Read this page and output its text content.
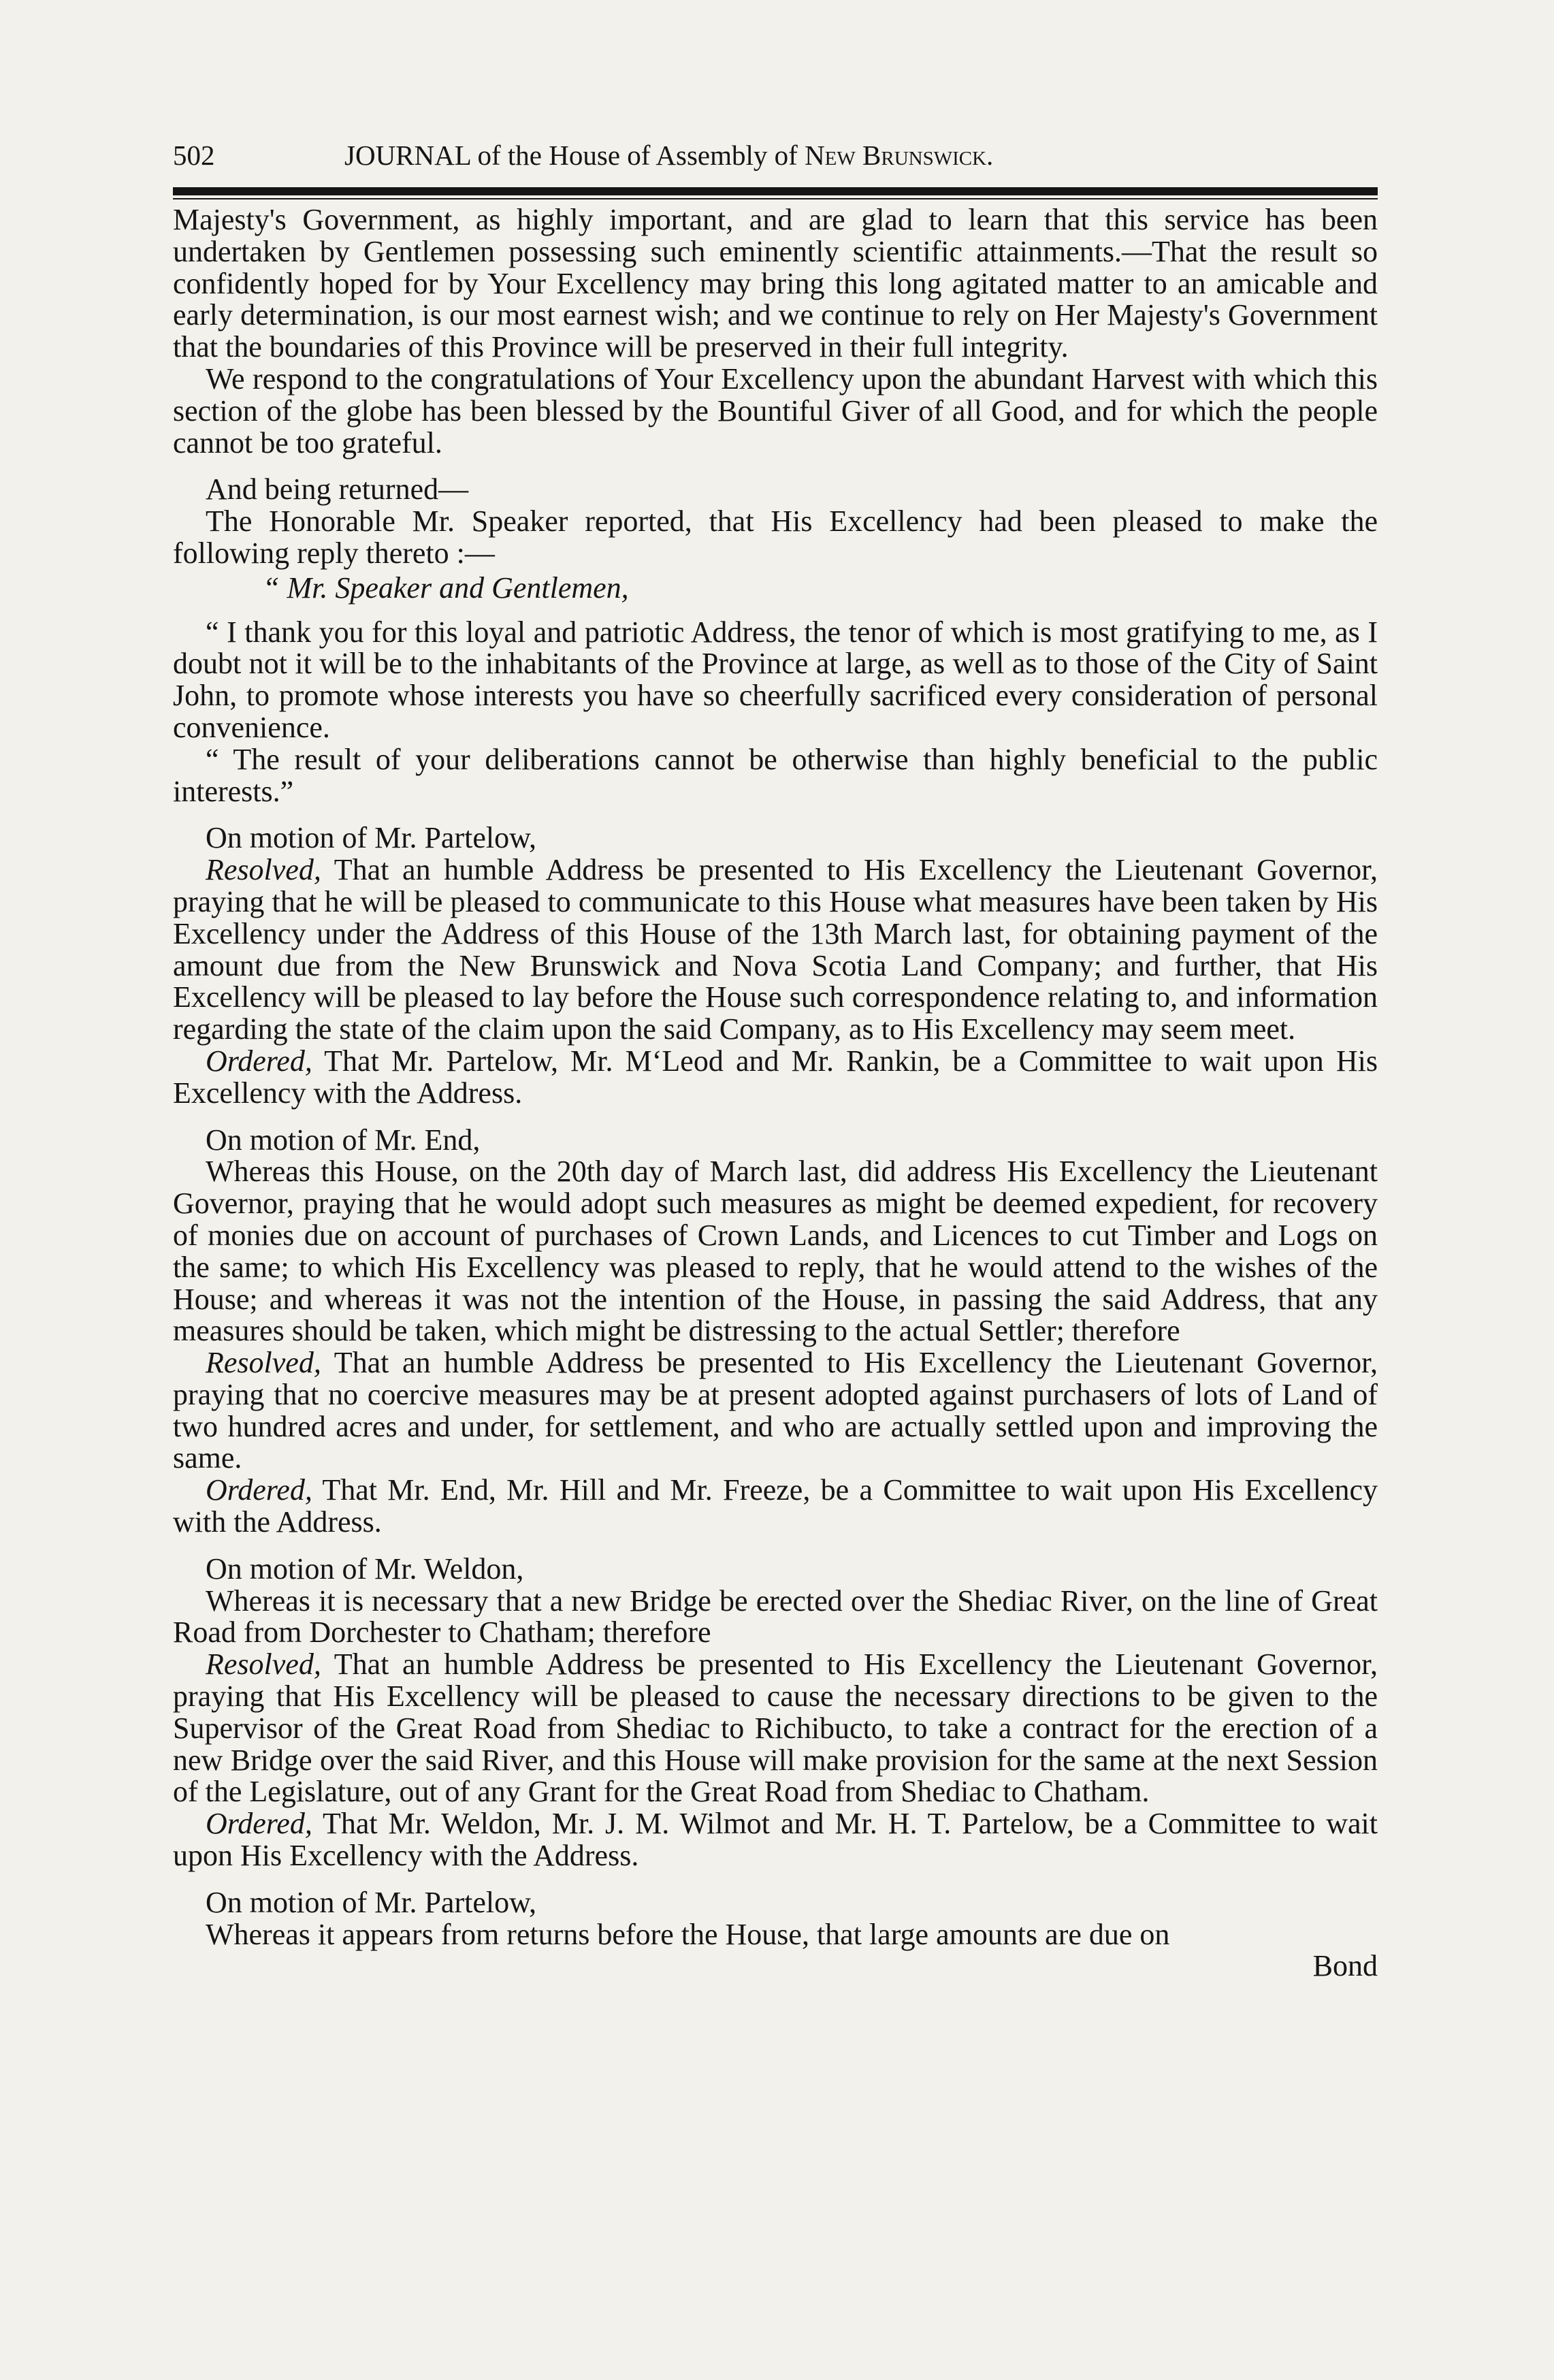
502	JOURNAL of the House of Assembly of New Brunswick.

Majesty's Government, as highly important, and are glad to learn that this service has been undertaken by Gentlemen possessing such eminently scientific attainments.—That the result so confidently hoped for by Your Excellency may bring this long agitated matter to an amicable and early determination, is our most earnest wish; and we continue to rely on Her Majesty's Government that the boundaries of this Province will be preserved in their full integrity.

We respond to the congratulations of Your Excellency upon the abundant Harvest with which this section of the globe has been blessed by the Bountiful Giver of all Good, and for which the people cannot be too grateful.

And being returned—

The Honorable Mr. Speaker reported, that His Excellency had been pleased to make the following reply thereto :—

“ Mr. Speaker and Gentlemen,

“ I thank you for this loyal and patriotic Address, the tenor of which is most gratifying to me, as I doubt not it will be to the inhabitants of the Province at large, as well as to those of the City of Saint John, to promote whose interests you have so cheerfully sacrificed every consideration of personal convenience.

“ The result of your deliberations cannot be otherwise than highly beneficial to the public interests.”

On motion of Mr. Partelow,

Resolved, That an humble Address be presented to His Excellency the Lieutenant Governor, praying that he will be pleased to communicate to this House what measures have been taken by His Excellency under the Address of this House of the 13th March last, for obtaining payment of the amount due from the New Brunswick and Nova Scotia Land Company; and further, that His Excellency will be pleased to lay before the House such correspondence relating to, and information regarding the state of the claim upon the said Company, as to His Excellency may seem meet.

Ordered, That Mr. Partelow, Mr. M‘Leod and Mr. Rankin, be a Committee to wait upon His Excellency with the Address.

On motion of Mr. End,

Whereas this House, on the 20th day of March last, did address His Excellency the Lieutenant Governor, praying that he would adopt such measures as might be deemed expedient, for recovery of monies due on account of purchases of Crown Lands, and Licences to cut Timber and Logs on the same; to which His Excellency was pleased to reply, that he would attend to the wishes of the House; and whereas it was not the intention of the House, in passing the said Address, that any measures should be taken, which might be distressing to the actual Settler; therefore

Resolved, That an humble Address be presented to His Excellency the Lieutenant Governor, praying that no coercive measures may be at present adopted against purchasers of lots of Land of two hundred acres and under, for settlement, and who are actually settled upon and improving the same.

Ordered, That Mr. End, Mr. Hill and Mr. Freeze, be a Committee to wait upon His Excellency with the Address.

On motion of Mr. Weldon,

Whereas it is necessary that a new Bridge be erected over the Shediac River, on the line of Great Road from Dorchester to Chatham; therefore

Resolved, That an humble Address be presented to His Excellency the Lieutenant Governor, praying that His Excellency will be pleased to cause the necessary directions to be given to the Supervisor of the Great Road from Shediac to Richibucto, to take a contract for the erection of a new Bridge over the said River, and this House will make provision for the same at the next Session of the Legislature, out of any Grant for the Great Road from Shediac to Chatham.

Ordered, That Mr. Weldon, Mr. J. M. Wilmot and Mr. H. T. Partelow, be a Committee to wait upon His Excellency with the Address.

On motion of Mr. Partelow,

Whereas it appears from returns before the House, that large amounts are due on

Bond
